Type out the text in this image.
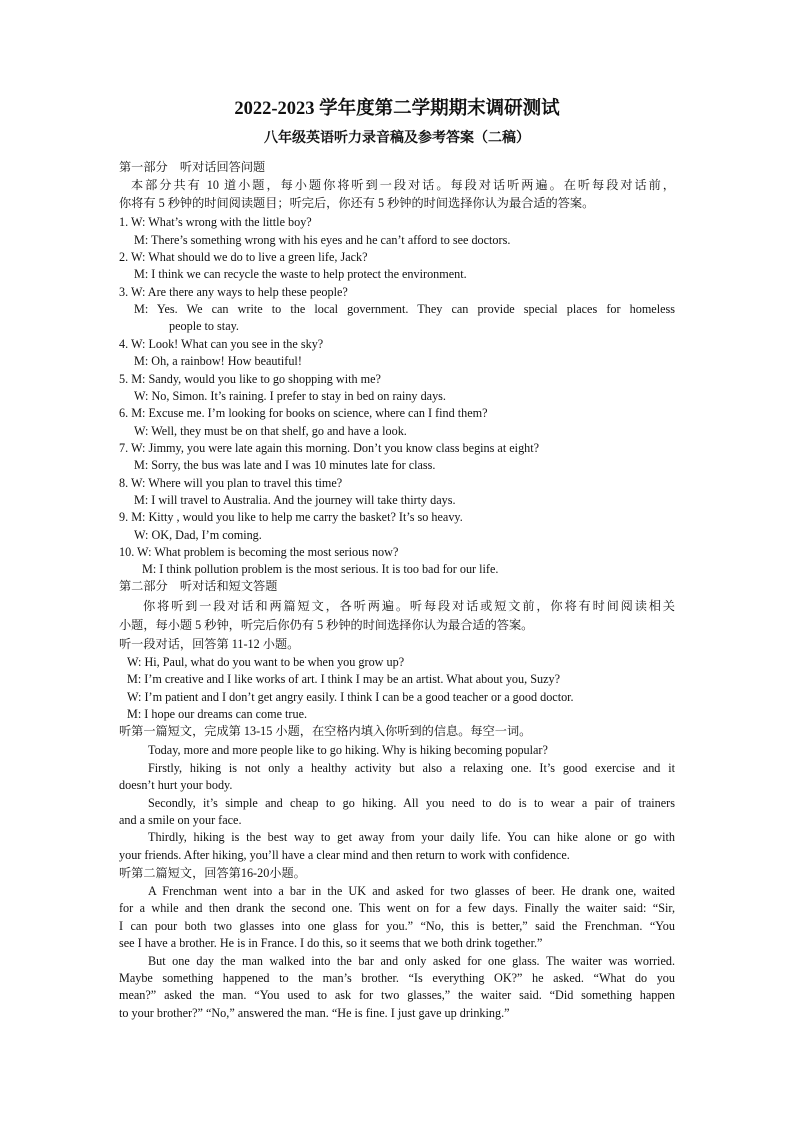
2022-2023 学年度第二学期期末调研测试
八年级英语听力录音稿及参考答案（二稿）
第一部分　听对话回答问题
本部分共有 10 道小题，每小题你将听到一段对话。每段对话听两遍。在听每段对话前，
你将有 5 秒钟的时间阅读题目；听完后，你还有 5 秒钟的时间选择你认为最合适的答案。
1. W: What’s wrong with the little boy?
M: There’s something wrong with his eyes and he can’t afford to see doctors.
2. W: What should we do to live a green life, Jack?
M: I think we can recycle the waste to help protect the environment.
3. W: Are there any ways to help these people?
M: Yes. We can write to the local government. They can provide special places for homeless
people to stay.
4. W: Look! What can you see in the sky?
M: Oh, a rainbow! How beautiful!
5. M: Sandy, would you like to go shopping with me?
W: No, Simon. It’s raining. I prefer to stay in bed on rainy days.
6. M: Excuse me. I’m looking for books on science, where can I find them?
W: Well, they must be on that shelf, go and have a look.
7. W: Jimmy, you were late again this morning. Don’t you know class begins at eight?
M: Sorry, the bus was late and I was 10 minutes late for class.
8. W: Where will you plan to travel this time?
M: I will travel to Australia. And the journey will take thirty days.
9. M: Kitty , would you like to help me carry the basket? It’s so heavy.
W: OK, Dad, I’m coming.
10. W: What problem is becoming the most serious now?
M: I think pollution problem is the most serious. It is too bad for our life.
第二部分　听对话和短文答题
你将听到一段对话和两篇短文，各听两遍。听每段对话或短文前，你将有时间阅读相关
小题，每小题 5 秒钟，听完后你仍有 5 秒钟的时间选择你认为最合适的答案。
听一段对话，回答第 11-12 小题。
W: Hi, Paul, what do you want to be when you grow up?
M: I’m creative and I like works of art. I think I may be an artist. What about you, Suzy?
W: I’m patient and I don’t get angry easily. I think I can be a good teacher or a good doctor.
M: I hope our dreams can come true.
听第一篇短文，完成第 13-15 小题，在空格内填入你听到的信息。每空一词。
Today, more and more people like to go hiking. Why is hiking becoming popular?
Firstly, hiking is not only a healthy activity but also a relaxing one. It’s good exercise and it
doesn’t hurt your body.
Secondly, it’s simple and cheap to go hiking. All you need to do is to wear a pair of trainers
and a smile on your face.
Thirdly, hiking is the best way to get away from your daily life. You can hike alone or go with
your friends. After hiking, you’ll have a clear mind and then return to work with confidence.
听第二篇短文，回答第16-20小题。
A Frenchman went into a bar in the UK and asked for two glasses of beer. He drank one, waited
for a while and then drank the second one. This went on for a few days. Finally the waiter said: “Sir,
I can pour both two glasses into one glass for you.” “No, this is better,” said the Frenchman. “You
see I have a brother. He is in France. I do this, so it seems that we both drink together.”
But one day the man walked into the bar and only asked for one glass. The waiter was worried.
Maybe something happened to the man’s brother. “Is everything OK?” he asked. “What do you
mean?” asked the man. “You used to ask for two glasses,” the waiter said. “Did something happen
to your brother?” “No,” answered the man. “He is fine. I just gave up drinking.”
